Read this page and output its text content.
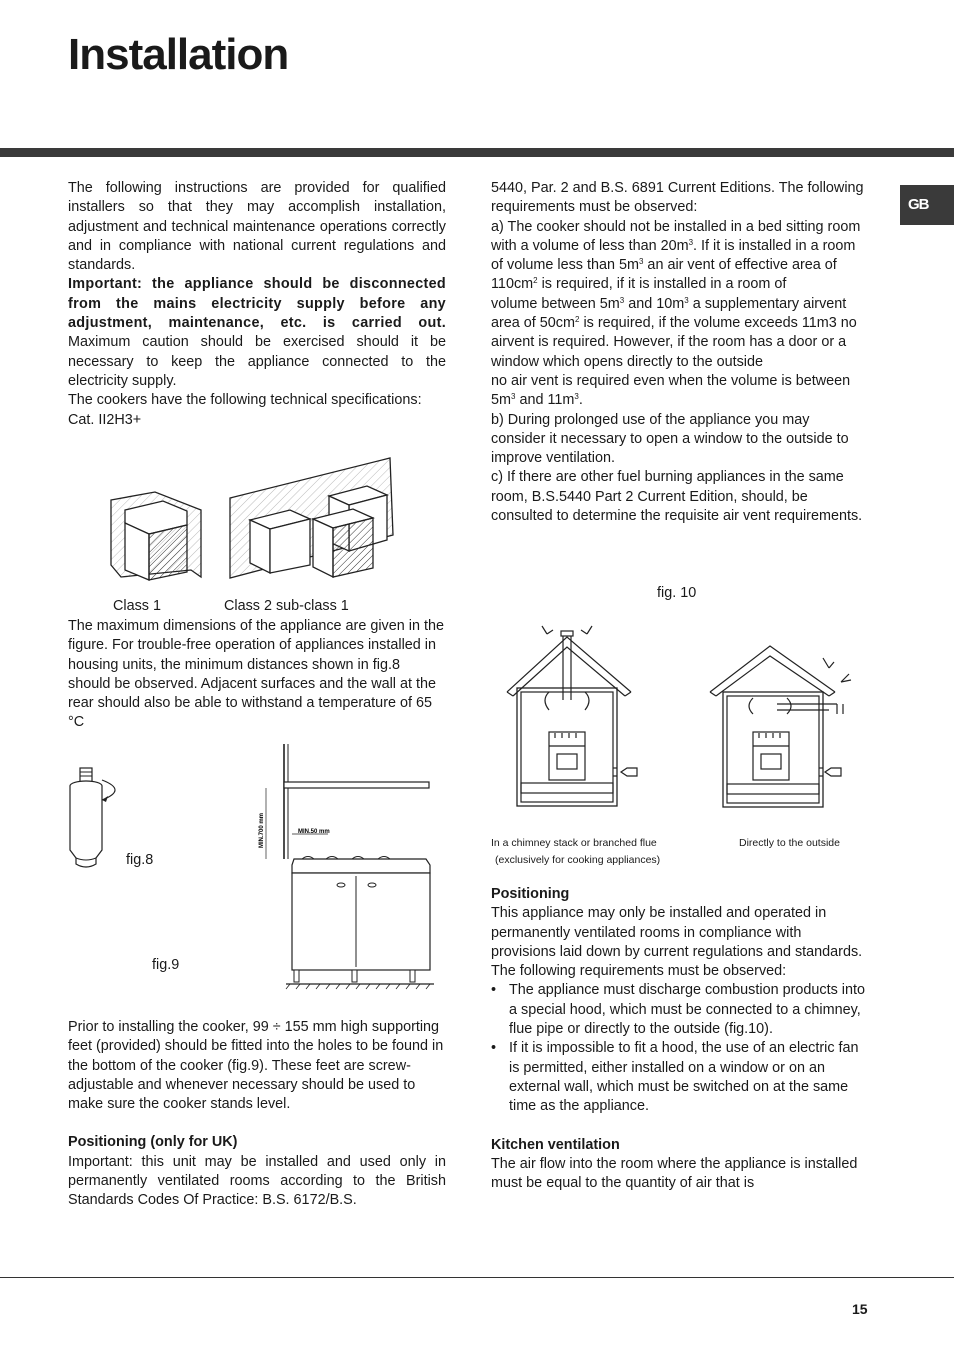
Installation
GB

The following instructions are provided for qualified installers so that they may accomplish installation, adjustment and technical maintenance operations correctly and in compliance with national current regulations and standards.

Important: the appliance should be disconnected from the mains electricity supply before any adjustment, maintenance, etc. is carried out. Maximum caution should be exercised should it be necessary to keep the appliance connected to the electricity supply.

The cookers have the following technical specifications:

Cat. II2H3+

Class 1	Class 2 sub-class 1

The maximum dimensions of the appliance are given in the figure. For trouble-free operation of appliances installed in housing units, the minimum distances shown in fig.8 should be observed. Adjacent surfaces and the wall at the rear should also be able to withstand a temperature of 65 °C

fig.8
MIN.700 mm	MIN.50 mm
fig.9

Prior to installing the cooker, 99 ÷ 155 mm high supporting feet (provided) should be fitted into the holes to be found in the bottom of the cooker (fig.9). These feet are screw-adjustable and whenever necessary should be used to make sure the cooker stands level.

Positioning (only for UK)

Important: this unit may be installed and used only in permanently ventilated rooms according to the British Standards Codes Of Practice: B.S. 6172/B.S.

5440, Par. 2 and B.S. 6891 Current Editions. The following requirements must be observed:

a) The cooker should not be installed in a bed sitting room with a volume of less than $20m^3$. If it is installed in a room of volume less than $5m^3$ an air vent of effective area of $110cm^2$ is required, if it is installed in a room of

volume between $5m^3$ and $10m^3$ a supplementary airvent area of $50cm^2$ is required, if the volume exceeds 11m3 no airvent is required. However, if the room has a door or a window which opens directly to the outside

no air vent is required even when the volume is between $5m^3$ and $11m^3$.

b) During prolonged use of the appliance you may consider it necessary to open a window to the outside to improve ventilation.

c) If there are other fuel burning appliances in the same room, B.S.5440 Part 2 Current Edition, should, be consulted to determine the requisite air vent requirements.

fig. 10
In a chimney stack or branched flue
(exclusively for cooking appliances)
Directly to the outside

Positioning

This appliance may only be installed and operated in permanently ventilated rooms in compliance with provisions laid down by current regulations and standards. The following requirements must be observed:

• The appliance must discharge combustion products into a special hood, which must be connected to a chimney, flue pipe or directly to the outside (fig.10).
• If it is impossible to fit a hood, the use of an electric fan is permitted, either installed on a window or on an external wall, which must be switched on at the same time as the appliance.

Kitchen ventilation

The air flow into the room where the appliance is installed must be equal to the quantity of air that is

15
